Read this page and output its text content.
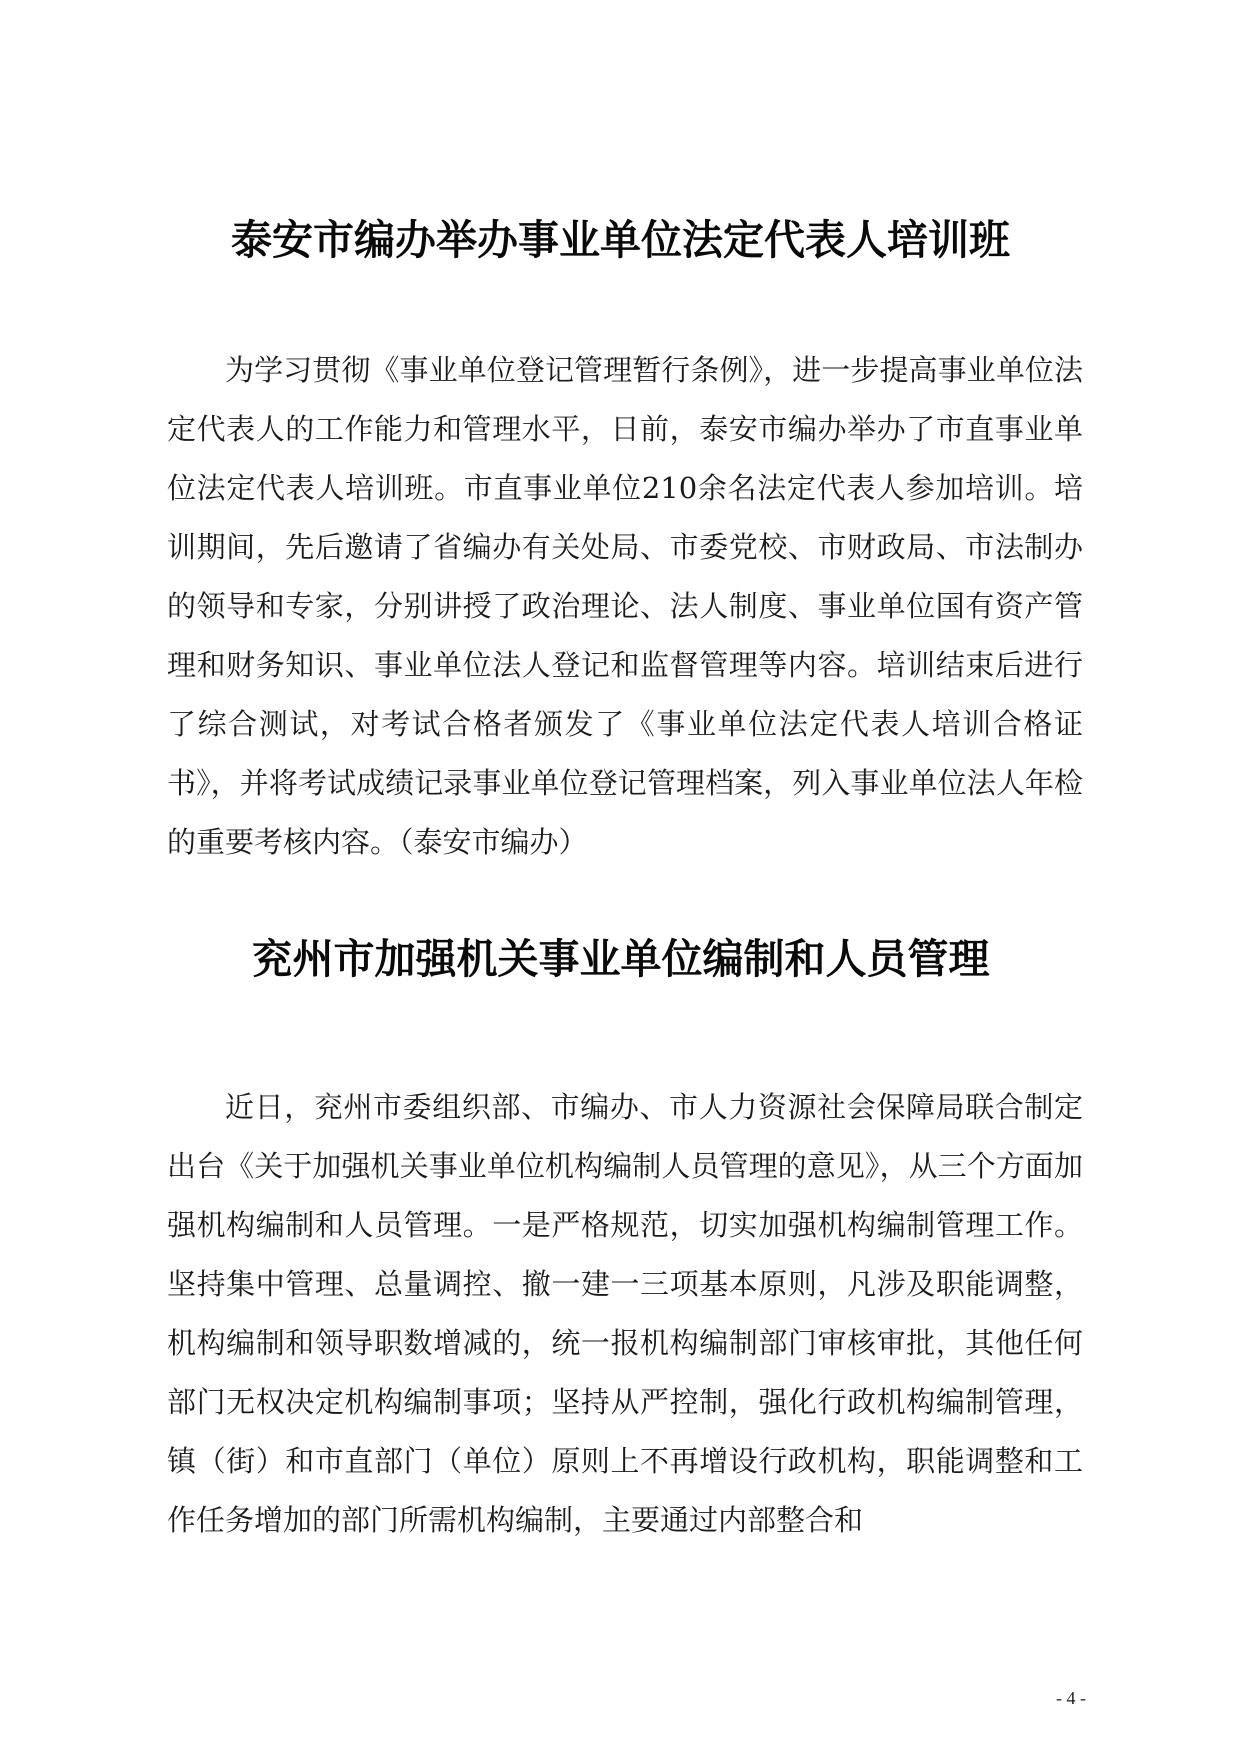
泰安市编办举办事业单位法定代表人培训班

为学习贯彻《事业单位登记管理暂行条例》，进一步提高事业单位法定代表人的工作能力和管理水平，日前，泰安市编办举办了市直事业单位法定代表人培训班。市直事业单位210余名法定代表人参加培训。培训期间，先后邀请了省编办有关处局、市委党校、市财政局、市法制办的领导和专家，分别讲授了政治理论、法人制度、事业单位国有资产管理和财务知识、事业单位法人登记和监督管理等内容。培训结束后进行了综合测试，对考试合格者颁发了《事业单位法定代表人培训合格证书》，并将考试成绩记录事业单位登记管理档案，列入事业单位法人年检的重要考核内容。（泰安市编办）

兖州市加强机关事业单位编制和人员管理

近日，兖州市委组织部、市编办、市人力资源社会保障局联合制定出台《关于加强机关事业单位机构编制人员管理的意见》，从三个方面加强机构编制和人员管理。一是严格规范，切实加强机构编制管理工作。坚持集中管理、总量调控、撤一建一三项基本原则，凡涉及职能调整，机构编制和领导职数增减的，统一报机构编制部门审核审批，其他任何部门无权决定机构编制事项；坚持从严控制，强化行政机构编制管理，镇（街）和市直部门（单位）原则上不再增设行政机构，职能调整和工作任务增加的部门所需机构编制，主要通过内部整合和

- 4 -
